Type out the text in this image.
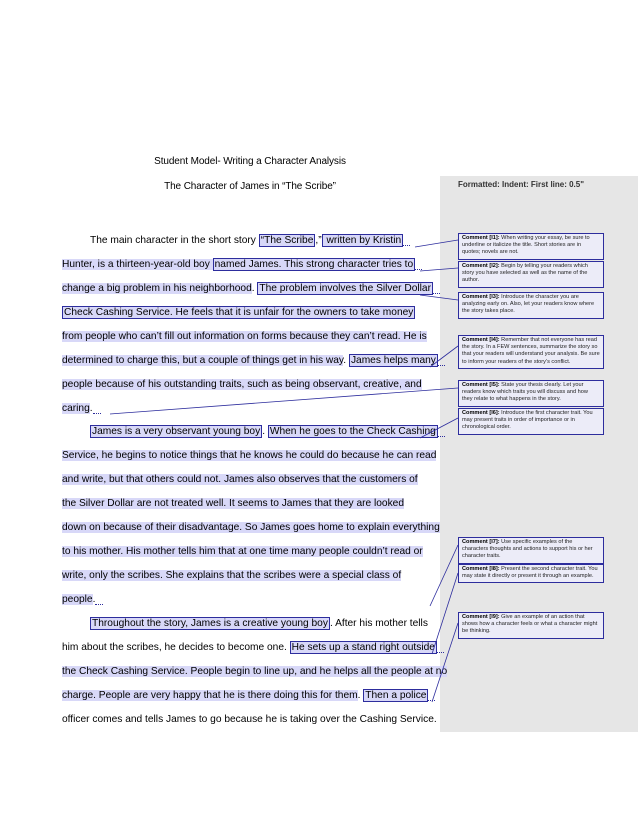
Formatted: Indent: First line: 0.5"
Student Model- Writing a Character Analysis
The Character of James in “The Scribe”
The main character in the short story “The Scribe ,” written by Kristin
Hunter, is a thirteen-year-old boy named James. This strong character tries to
change a big problem in his neighborhood. The problem involves the Silver Dollar
Check Cashing Service. He feels that it is unfair for the owners to take money
from people who can’t fill out information on forms because they can’t read. He is
determined to charge this, but a couple of things get in his way. James helps many
people because of his outstanding traits, such as being observant, creative, and
caring.
James is a very observant young boy . When he goes to the Check Cashing
Service, he begins to notice things that he knows he could do because he can read
and write, but that others could not. James also observes that the customers of
the Silver Dollar are not treated well. It seems to James that they are looked
down on because of their disadvantage. So James goes home to explain everything
to his mother. His mother tells him that at one time many people couldn’t read or
write, only the scribes. She explains that the scribes were a special class of
people.
Throughout the story, James is a creative young boy . After his mother tells
him about the scribes, he decides to become one. He sets up a stand right outside
the Check Cashing Service. People begin to line up, and he helps all the people at no
charge. People are very happy that he is there doing this for them. Then a police
officer comes and tells James to go because he is taking over the Cashing Service.
Comment [I1]: When writing your essay, be sure to underline or italicize the title. Short stories are in quotes; novels are not.
Comment [I2]: Begin by telling your readers which story you have selected as well as the name of the author.
Comment [I3]: Introduce the character you are analyzing early on. Also, let your readers know where the story takes place.
Comment [I4]: Remember that not everyone has read the story. In a FEW sentences, summarize the story so that your readers will understand your analysis. Be sure to inform your readers of the story’s conflict.
Comment [I5]: State your thesis clearly. Let your readers know which traits you will discuss and how they relate to what happens in the story.
Comment [I6]: Introduce the first character trait. You may present traits in order of importance or in chronological order.
Comment [I7]: Use specific examples of the characters thoughts and actions to support his or her character traits.
Comment [I8]: Present the second character trait. You may state it directly or present it through an example.
Comment [I9]: Give an example of an action that shows how a character feels or what a character might be thinking.
